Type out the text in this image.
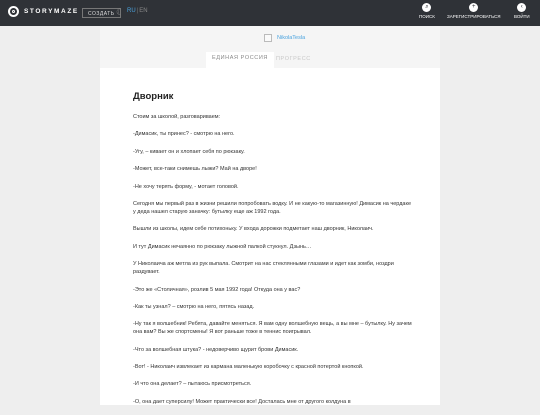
STORYMAZE	СОЗДАТЬ ☾ RU|EN
⌕
ПОИСК
+
ЗАРЕГИСТРИРОВАТЬСЯ
‹
ВОЙТИ
NikolaTesla
ЕДИНАЯ РОССИЯ	ПРОГРЕСС
Дворник

Стоим за школой, разговариваем:

-Димасик, ты принес? - смотрю на него.

-Угу, – кивает он и хлопает себя по рюкзаку.

-Может, все-таки снимешь лыжи? Май на дворе!

-Не хочу терять форму, - мотает головой.

Сегодня мы первый раз в жизни решили попробовать водку. И не какую-то магазинную! Димасик на чердаке у деда нашел старую заначку: бутылку еще аж 1992 года.

Вышли из школы, идем себе потихоньку. У входа дорожки подметает наш дворник, Николаич.

И тут Димасик нечаянно по рюкзаку лыжной палкой стукнул. Дзынь…

У Николаича аж метла из рук выпала. Смотрит на нас стеклянными глазами и идет как зомби, ноздри раздувает.

-Это же «Столичная», розлив 5 мая 1992 года! Откуда она у вас?

-Как ты узнал? – смотрю на него, пятясь назад.

-Ну так я волшебник! Ребята, давайте меняться. Я вам одну волшебную вещь, а вы мне – бутылку. Ну зачем она вам? Вы же спортсмены! Я вот раньше тоже в теннис поигрывал.

-Что за волшебная штука? - недоверчиво щурит брови Димасик.

-Вот! - Николаич извлекает из кармана маленькую коробочку с красной потертой кнопкой.

-И что она делает? – пытаюсь присмотреться.

-О, она дает суперсилу! Может практически все! Досталась мне от другого колдуна в
